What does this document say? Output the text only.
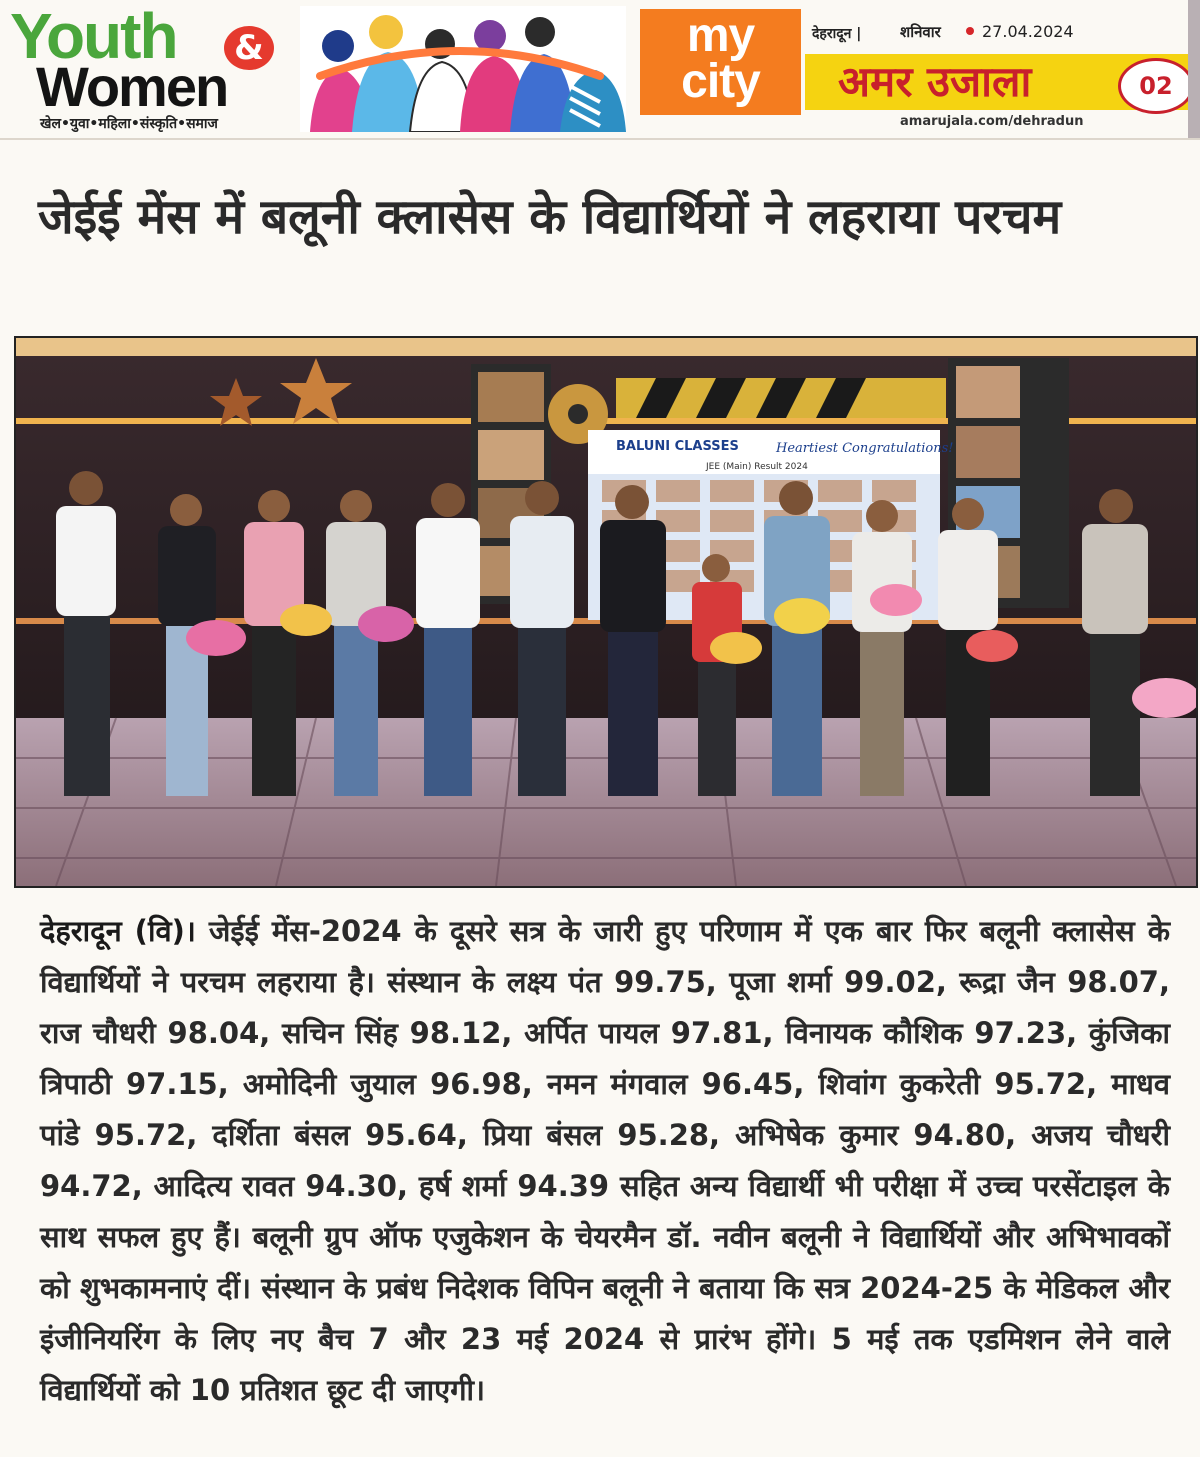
Youth &
Women
खेल•युवा•महिला•संस्कृति•समाज
my
city
देहरादून |	शनिवार	27.04.2024
अमर उजाला	02
amarujala.com/dehradun
जेईई मेंस में बलूनी क्लासेस के विद्यार्थियों ने लहराया परचम
BALUNI CLASSES	Heartiest Congratulations!
JEE (Main) Result 2024
देहरादून (वि)। जेईई मेंस-2024 के दूसरे सत्र के जारी हुए परिणाम में एक बार फिर बलूनी क्लासेस के विद्यार्थियों ने परचम लहराया है। संस्थान के लक्ष्य पंत 99.75, पूजा शर्मा 99.02, रूद्रा जैन 98.07, राज चौधरी 98.04, सचिन सिंह 98.12, अर्पित पायल 97.81, विनायक कौशिक 97.23, कुंजिका त्रिपाठी 97.15, अमोदिनी जुयाल 96.98, नमन मंगवाल 96.45, शिवांग कुकरेती 95.72, माधव पांडे 95.72, दर्शिता बंसल 95.64, प्रिया बंसल 95.28, अभिषेक कुमार 94.80, अजय चौधरी 94.72, आदित्य रावत 94.30, हर्ष शर्मा 94.39 सहित अन्य विद्यार्थी भी परीक्षा में उच्च परसेंटाइल के साथ सफल हुए हैं। बलूनी ग्रुप ऑफ एजुकेशन के चेयरमैन डॉ. नवीन बलूनी ने विद्यार्थियों और अभिभावकों को शुभकामनाएं दीं। संस्थान के प्रबंध निदेशक विपिन बलूनी ने बताया कि सत्र 2024-25 के मेडिकल और इंजीनियरिंग के लिए नए बैच 7 और 23 मई 2024 से प्रारंभ होंगे। 5 मई तक एडमिशन लेने वाले विद्यार्थियों को 10 प्रतिशत छूट दी जाएगी।
